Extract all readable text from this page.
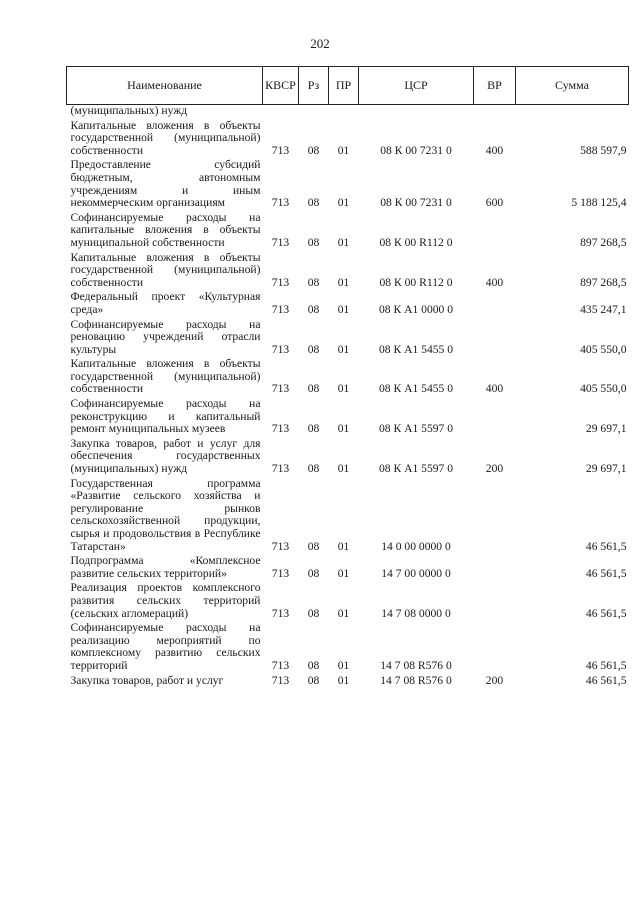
202
Наименование	КВСР	Рз	ПР	ЦСР	ВР	Сумма
(муниципальных) нужд						
Капитальные вложения в объекты государственной (муниципальной) собственности	713	08	01	08 К 00 7231 0	400	588 597,9
Предоставление субсидий бюджетным, автономным учреждениям и иным некоммерческим организациям	713	08	01	08 К 00 7231 0	600	5 188 125,4
Софинансируемые расходы на капитальные вложения в объекты муниципальной собственности	713	08	01	08 К 00 R112 0		897 268,5
Капитальные вложения в объекты государственной (муниципальной) собственности	713	08	01	08 К 00 R112 0	400	897 268,5
Федеральный проект «Культурная среда»	713	08	01	08 К А1 0000 0		435 247,1
Софинансируемые расходы на реновацию учреждений отрасли культуры	713	08	01	08 К А1 5455 0		405 550,0
Капитальные вложения в объекты государственной (муниципальной) собственности	713	08	01	08 К А1 5455 0	400	405 550,0
Софинансируемые расходы на реконструкцию и капитальный ремонт муниципальных музеев	713	08	01	08 К А1 5597 0		29 697,1
Закупка товаров, работ и услуг для обеспечения государственных (муниципальных) нужд	713	08	01	08 К А1 5597 0	200	29 697,1
Государственная программа «Развитие сельского хозяйства и регулирование рынков сельскохозяйственной продукции, сырья и продовольствия в Республике Татарстан»	713	08	01	14 0 00 0000 0		46 561,5
Подпрограмма «Комплексное развитие сельских территорий»	713	08	01	14 7 00 0000 0		46 561,5
Реализация проектов комплексного развития сельских территорий (сельских агломераций)	713	08	01	14 7 08 0000 0		46 561,5
Софинансируемые расходы на реализацию мероприятий по комплексному развитию сельских территорий	713	08	01	14 7 08 R576 0		46 561,5
Закупка товаров, работ и услуг	713	08	01	14 7 08 R576 0	200	46 561,5
